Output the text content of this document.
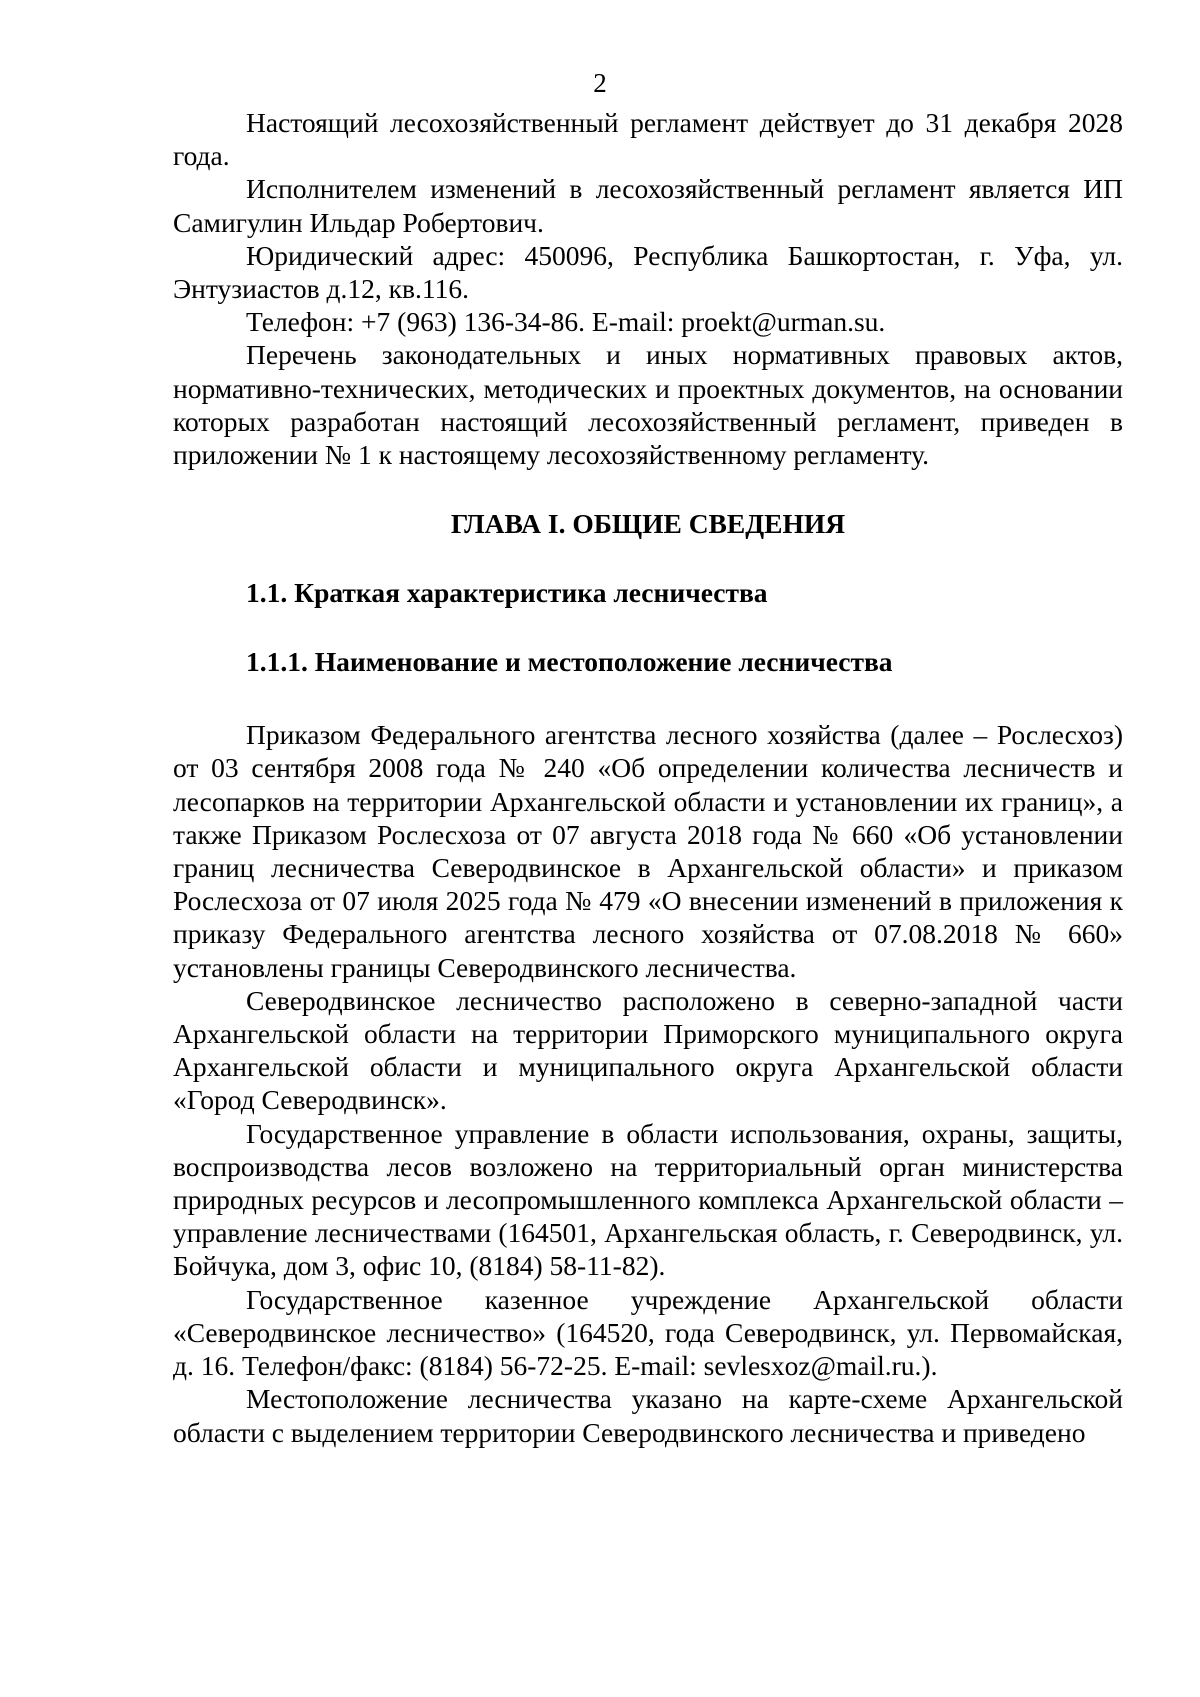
2

Настоящий лесохозяйственный регламент действует до 31 декабря 2028 года.

Исполнителем изменений в лесохозяйственный регламент является ИП Самигулин Ильдар Робертович.

Юридический адрес: 450096, Республика Башкортостан, г. Уфа, ул. Энтузиастов д.12, кв.116.

Телефон: +7 (963) 136-34-86. E-mail: proekt@urman.su.

Перечень законодательных и иных нормативных правовых актов, нормативно-технических, методических и проектных документов, на основании которых разработан настоящий лесохозяйственный регламент, приведен в приложении № 1 к настоящему лесохозяйственному регламенту.

ГЛАВА I. ОБЩИЕ СВЕДЕНИЯ
1.1. Краткая характеристика лесничества
1.1.1. Наименование и местоположение лесничества

Приказом Федерального агентства лесного хозяйства (далее – Рослесхоз) от 03 сентября 2008 года № 240 «Об определении количества лесничеств и лесопарков на территории Архангельской области и установлении их границ», а также Приказом Рослесхоза от 07 августа 2018 года № 660 «Об установлении границ лесничества Северодвинское в Архангельской области» и приказом Рослесхоза от 07 июля 2025 года № 479 «О внесении изменений в приложения к приказу Федерального агентства лесного хозяйства от 07.08.2018 № 660» установлены границы Северодвинского лесничества.

Северодвинское лесничество расположено в северно-западной части Архангельской области на территории Приморского муниципального округа Архангельской области и муниципального округа Архангельской области «Город Северодвинск».

Государственное управление в области использования, охраны, защиты, воспроизводства лесов возложено на территориальный орган министерства природных ресурсов и лесопромышленного комплекса Архангельской области – управление лесничествами (164501, Архангельская область, г. Северодвинск, ул. Бойчука, дом 3, офис 10, (8184) 58-11-82).

Государственное казенное учреждение Архангельской области «Северодвинское лесничество» (164520, года Северодвинск, ул. Первомайская, д. 16. Телефон/факс: (8184) 56-72-25. E-mail: sevlesxoz@mail.ru.).

Местоположение лесничества указано на карте-схеме Архангельской области с выделением территории Северодвинского лесничества и приведено
